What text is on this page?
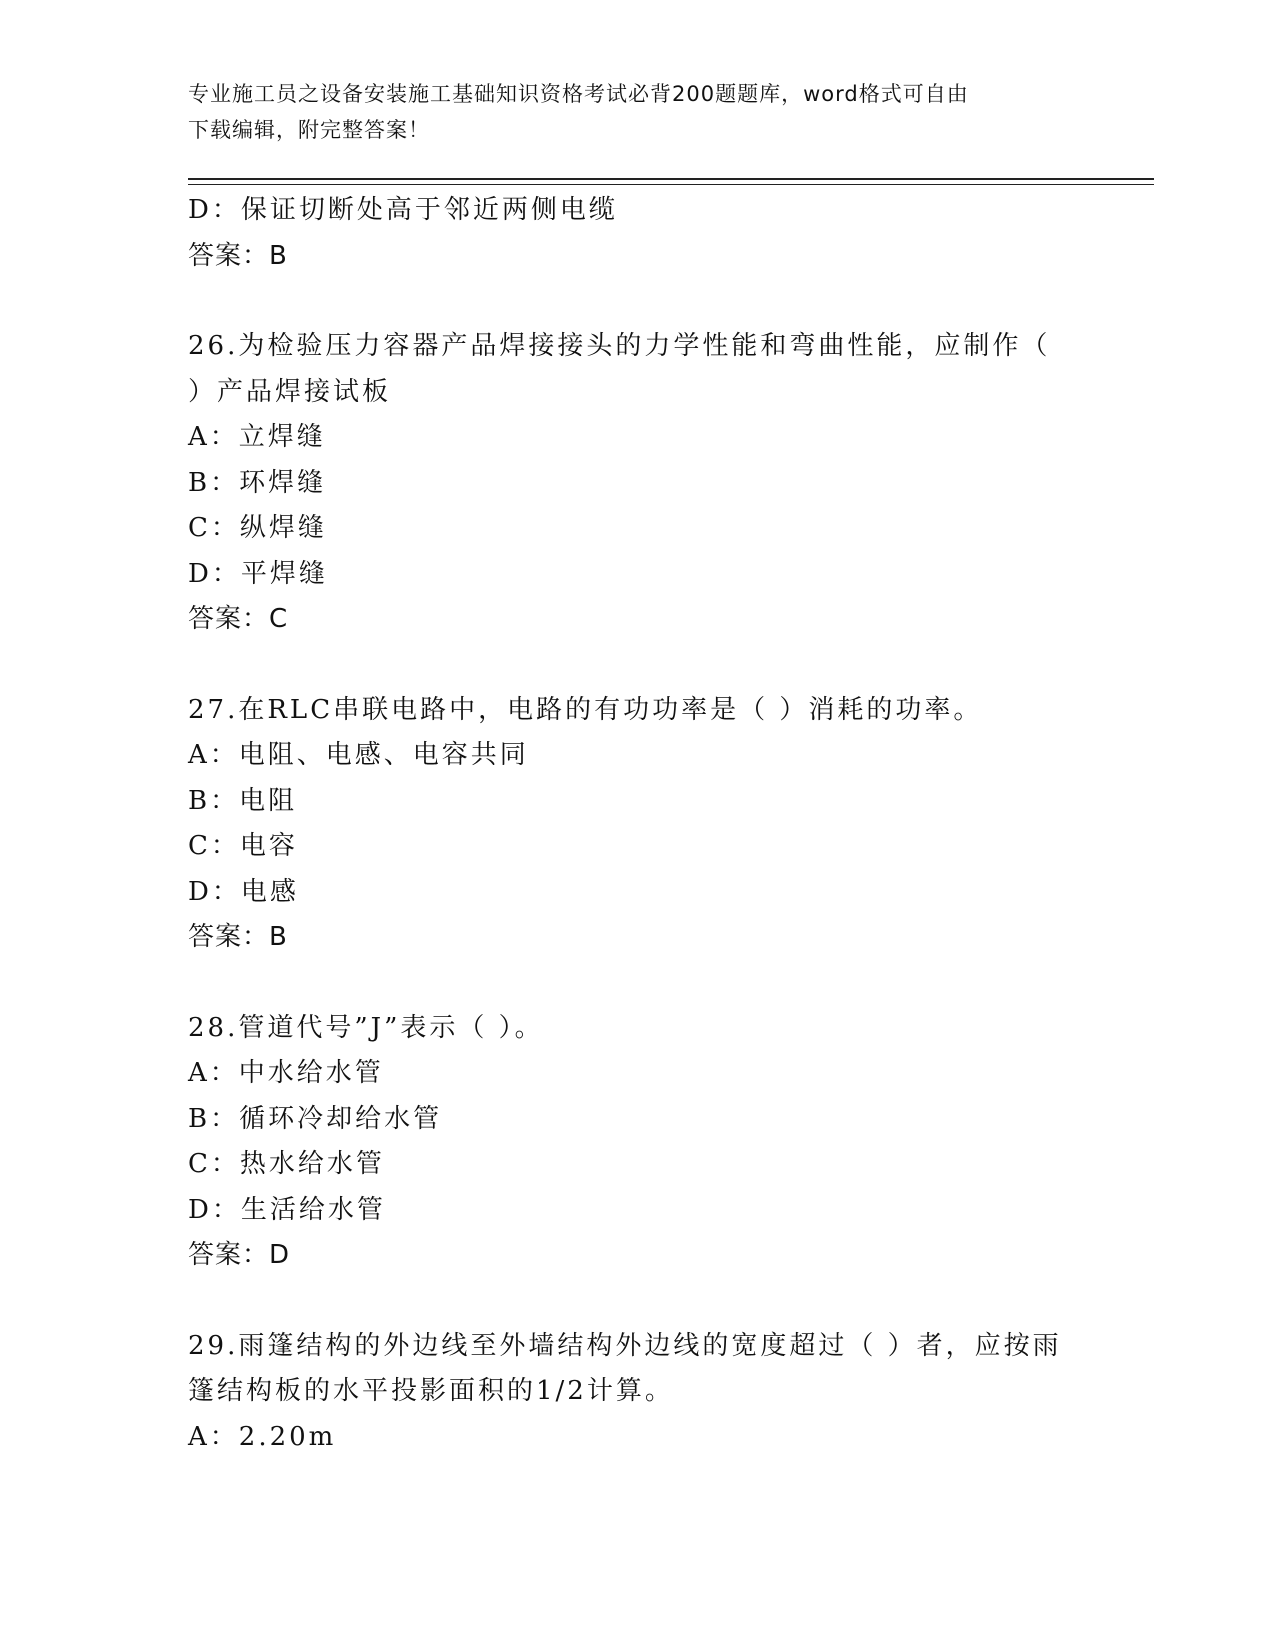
专业施工员之设备安装施工基础知识资格考试必背200题题库，word格式可自由
下载编辑，附完整答案！
D：保证切断处高于邻近两侧电缆
答案：B
26.为检验压力容器产品焊接接头的力学性能和弯曲性能，应制作（
）产品焊接试板
A：立焊缝
B：环焊缝
C：纵焊缝
D：平焊缝
答案：C
27.在RLC串联电路中，电路的有功功率是（ ）消耗的功率。
A：电阻、电感、电容共同
B：电阻
C：电容
D：电感
答案：B
28.管道代号”J”表示（ ）。
A：中水给水管
B：循环冷却给水管
C：热水给水管
D：生活给水管
答案：D
29.雨篷结构的外边线至外墙结构外边线的宽度超过（ ）者，应按雨
篷结构板的水平投影面积的1/2计算。
A：2.20m
